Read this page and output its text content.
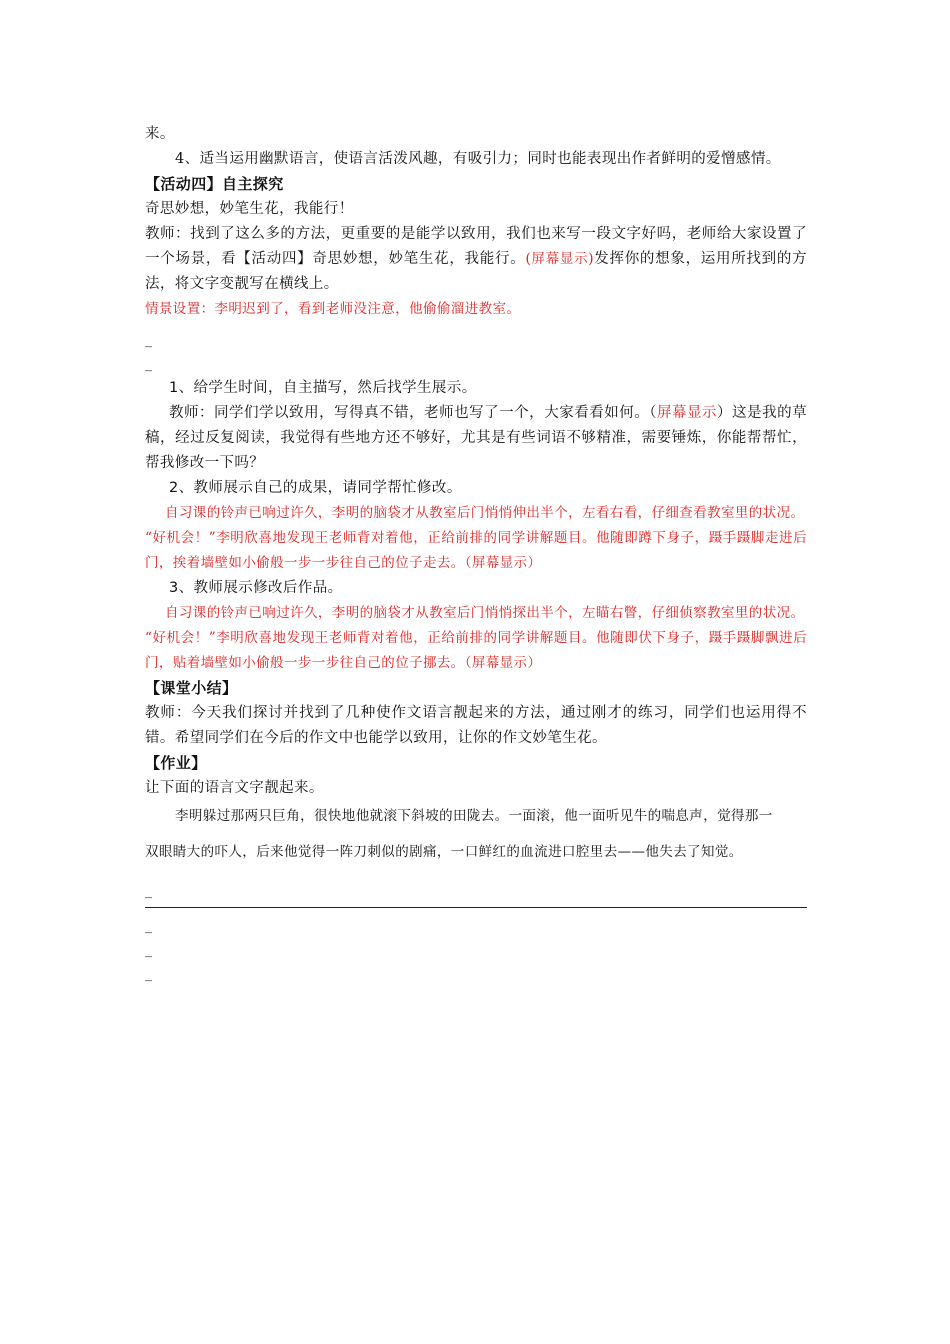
来。

4、适当运用幽默语言，使语言活泼风趣，有吸引力；同时也能表现出作者鲜明的爱憎感情。

【活动四】自主探究

奇思妙想，妙笔生花，我能行！

教师：找到了这么多的方法，更重要的是能学以致用，我们也来写一段文字好吗，老师给大家设置了一个场景，看【活动四】奇思妙想，妙笔生花，我能行。(屏幕显示)发挥你的想象，运用所找到的方法，将文字变靓写在横线上。

情景设置：李明迟到了，看到老师没注意，他偷偷溜进教室。

_

_

1、给学生时间，自主描写，然后找学生展示。

教师：同学们学以致用，写得真不错，老师也写了一个，大家看看如何。（屏幕显示）这是我的草稿，经过反复阅读，我觉得有些地方还不够好，尤其是有些词语不够精准，需要锤炼，你能帮帮忙，帮我修改一下吗？

2、教师展示自己的成果，请同学帮忙修改。

自习课的铃声已响过许久，李明的脑袋才从教室后门悄悄伸出半个，左看右看，仔细查看教室里的状况。

“好机会！”李明欣喜地发现王老师背对着他，正给前排的同学讲解题目。他随即蹲下身子，蹑手蹑脚走进后门，挨着墙壁如小偷般一步一步往自己的位子走去。（屏幕显示）

3、教师展示修改后作品。

自习课的铃声已响过许久，李明的脑袋才从教室后门悄悄探出半个，左瞄右瞥，仔细侦察教室里的状况。

“好机会！”李明欣喜地发现王老师背对着他，正给前排的同学讲解题目。他随即伏下身子，蹑手蹑脚飘进后门，贴着墙壁如小偷般一步一步往自己的位子挪去。（屏幕显示）

【课堂小结】

教师：今天我们探讨并找到了几种使作文语言靓起来的方法，通过刚才的练习，同学们也运用得不错。希望同学们在今后的作文中也能学以致用，让你的作文妙笔生花。

【作业】

让下面的语言文字靓起来。

李明躲过那两只巨角，很快地他就滚下斜坡的田陇去。一面滚，他一面听见牛的喘息声，觉得那一

双眼睛大的吓人，后来他觉得一阵刀刺似的剧痛，一口鲜红的血流进口腔里去——他失去了知觉。

_

_

_

_
